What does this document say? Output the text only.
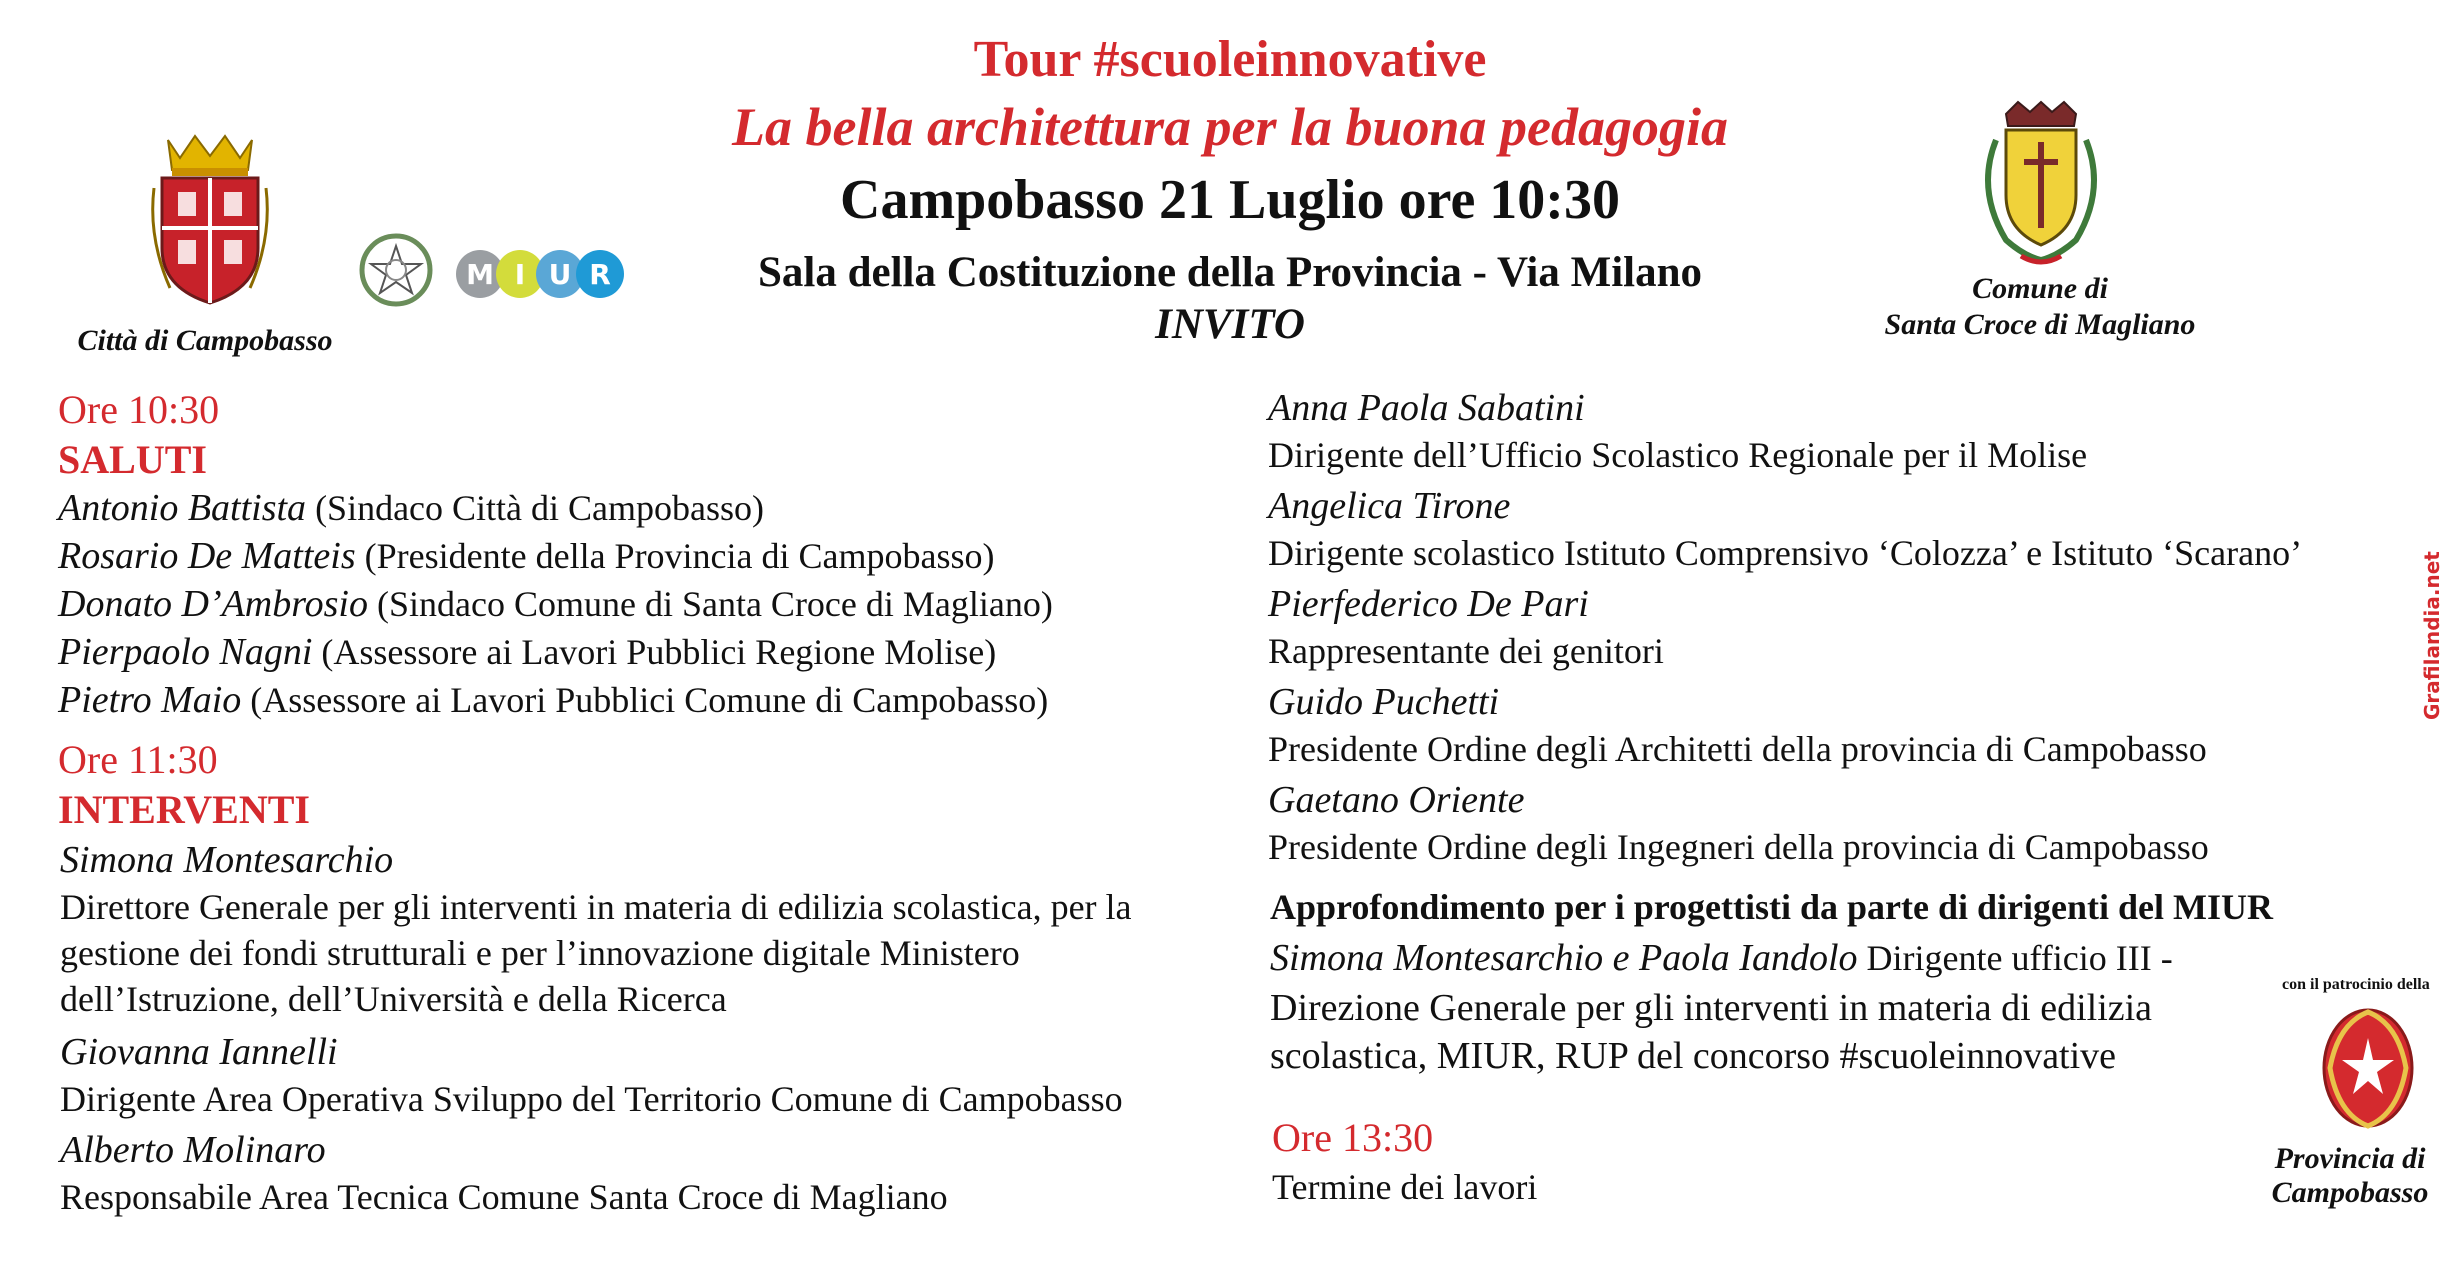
Tour #scuoleinnovative
La bella architettura per la buona pedagogia
Campobasso 21 Luglio ore 10:30
Sala della Costituzione della Provincia - Via Milano
INVITO
Città di Campobasso
M I U R	Comune di
Santa Croce di Magliano
Ore 10:30
SALUTI
Antonio Battista (Sindaco Città di Campobasso)
Rosario De Matteis (Presidente della Provincia di Campobasso)
Donato D’Ambrosio (Sindaco Comune di Santa Croce di Magliano)
Pierpaolo Nagni (Assessore ai Lavori Pubblici Regione Molise)
Pietro Maio (Assessore ai Lavori Pubblici Comune di Campobasso)
Ore 11:30
INTERVENTI
Simona Montesarchio
Direttore Generale per gli interventi in materia di edilizia scolastica, per la
gestione dei fondi strutturali e per l’innovazione digitale Ministero
dell’Istruzione, dell’Università e della Ricerca
Giovanna Iannelli
Dirigente Area Operativa Sviluppo del Territorio Comune di Campobasso
Alberto Molinaro
Responsabile Area Tecnica Comune Santa Croce di Magliano
Anna Paola Sabatini
Dirigente dell’Ufficio Scolastico Regionale per il Molise
Angelica Tirone
Dirigente scolastico Istituto Comprensivo ‘Colozza’ e Istituto ‘Scarano’
Pierfederico De Pari
Rappresentante dei genitori
Guido Puchetti
Presidente Ordine degli Architetti della provincia di Campobasso
Gaetano Oriente
Presidente Ordine degli Ingegneri della provincia di Campobasso
Approfondimento per i progettisti da parte di dirigenti del MIUR
Simona Montesarchio e Paola Iandolo Dirigente ufficio III -
Direzione Generale per gli interventi in materia di edilizia
scolastica, MIUR, RUP del concorso #scuoleinnovative
Ore 13:30
Termine dei lavori
con il patrocinio della
Provincia di
Campobasso
Grafilandia.net
